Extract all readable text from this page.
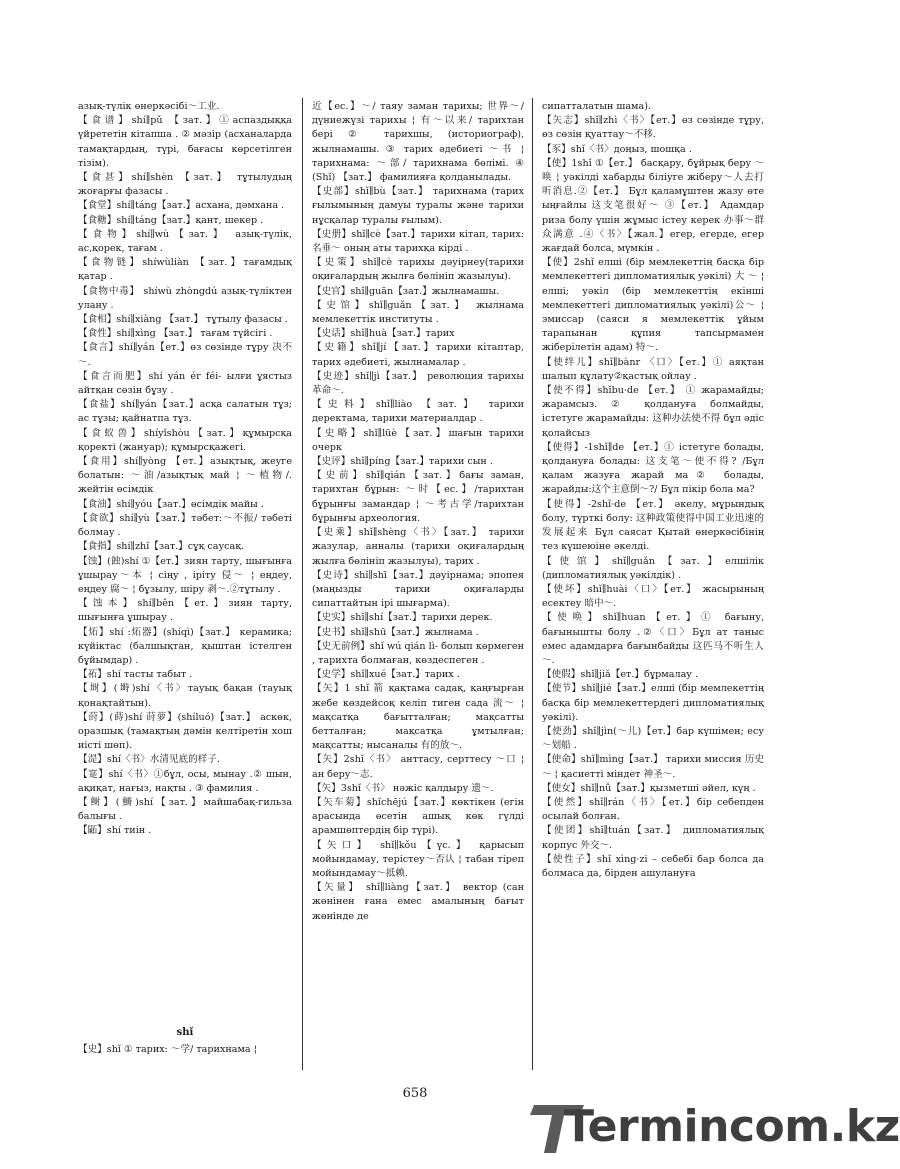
азық-түлік өнеркәсібі～工业.
【食谱】shí∥pǔ 【зат.】①аспаздыққа үйрететін кітапша . ② мәзір (асханаларда тамақтардың, түрі, бағасы көрсетілген тізім).
【食甚】shí∥shèn 【зат.】 тұтылудың жоғарғы фазасы .
【食堂】shí∥táng【зат.】асхана, дәмхана .
【食糖】shí∥táng【зат.】қант, шекер .
【食物】shí∥wù【зат.】 азық-түлік, ас,қорек, тағам .
【食物链】shíwùliàn 【зат.】тағамдық қатар .
【食物中毒】 shíwù zhòngdú азық-түліктен улану .
【食相】shí∥xiàng 【зат.】 тұтылу фазасы .
【食性】shí∥xìng 【зат.】 тағам түйсігі .
【食言】shí∥yán【ет.】өз сөзінде тұру 决不～.
【食言而肥】shí yán ér féi- ылғи ұястыз айтқан сөзін бұзу .
【食盐】shí∥yán【зат.】асқа салатын тұз; ас тұзы; қайнатпа тұз.
【食蚁兽】shíyǐshòu【зат.】құмырсқа қоректі (жануар); құмырсқажегі.
【食用】shí∥yòng 【ет.】азықтық, жеуге болатын: ～油/азықтық май ¦ ～植物/. жейтін өсімдік
【食油】shí∥yóu【зат.】өсімдік майы .
【食欲】shí∥yù【зат.】тәбет:～不振/ тәбеті болмау .
【食指】shí∥zhǐ【зат.】сұқ саусақ.
【蚀】(蝕)shí ①【ет.】зиян тарту, шығынға ұшырау～本 ¦ сіңу , іріту 侵～ ¦ еңдеу, еңдеу 腐～ ¦ бұзылу, шіру 剥～.②тұтылу .
【蚀本】shí∥běn【ет.】зиян тарту, шығынға ұшырау .
【炻】shí :炻器】(shíqì)【зат.】 керамика; күйіктас (балшықтан, қыштан істелген бұйымдар) .
【祏】shí тасты табыт .
【埘】(塒)shí〈书〉тауық бақан (тауық қонақтайтын).
【莳】(蒔)shí 莳萝】(shíluó)【зат.】 аскөк, оразшық (тамақтың дәмін келтіретін хош иісті шөп).
【湜】shí〈书〉水清见底的样子.
【寔】shí〈书〉①бұл, осы, мынау .② шын, ақиқат, нағыз, нақты . ③ фамилия .
【鲥】(鰣)shí【зат.】майшабақ-гильза балығы .
【鼫】shí тиін .
近【ес.】～/ таяу заман тарихы; 世界～/ дүниежүзі тарихы ¦ 有～以来/ тарихтан бері ② тарихшы, (историограф), жылнамашы. ③ тарих әдебиеті ～书 ¦ тарихнама: ～部/ тарихнама бөлімі. ④ (Shǐ) 【зат.】 фамилияға қолданылады.
【史部】shǐ∥bù【зат.】 тарихнама (тарих ғылымының дамуы туралы және тарихи нұсқалар туралы ғылым).
【史册】shǐ∥cè【зат.】тарихи кітап, тарих: 名垂～ оның аты тарихқа кірді .
【史策】shǐ∥cè тарихы дәуірнеу(тарихи оқиғалардың жылға бөлініп жазылуы).
【史官】shǐ∥guān【зат.】жылнамашы.
【史馆】shǐ∥guǎn【зат.】 жылнама мемлекеттік институты .
【史话】shǐ∥huà【зат.】тарих
【史籍】shǐ∥jí【зат.】тарихи кітаптар, тарих әдебиеті, жылнамалар .
【史迹】shǐ∥jì【зат.】 революция тарихы 革命～.
【史料】shǐ∥liào 【зат.】 тарихи деректама, тарихи материалдар .
【史略】shǐ∥lüè【зат.】шағын тарихи очерк
【史评】shǐ∥píng【зат.】тарихи сын .
【史前】shǐ∥qián【зат.】бағы заман, тарихтан бұрын: ～时【ес.】/тарихтан бұрынғы замандар ¦ ～考古学/тарихтан бұрынғы археология.
【史乘】shǐ∥shèng〈书〉【зат.】 тарихи жазулар, анналы (тарихи оқиғалардың жылға бөлініп жазылуы), тарих .
【史诗】shǐ∥shī【зат.】дәуірнама; эпопея (маңызды тарихи оқиғаларды сипаттайтын ірі шығарма).
【史实】shǐ∥shí【зат.】тарихи дерек.
【史书】shǐ∥shū【зат.】жылнама .
【史无前例】shǐ wú qián lì- болып көрмеген , тарихта болмаған, көздеспеген .
【史学】shǐ∥xué【зат.】тарих .
【矢】1 shǐ 箭 қақтама садақ, қаңғырған жебе көздейсоқ келіп тиген сада 流～ ¦ мақсатқа бағытталған; мақсатты бетталған; мақсатқа ұмтылған; мақсатты; нысаналы 有的放～.
【矢】2shǐ〈书〉 анттасу, серттесу ～口 ¦ ан беру～志.
【矢】3shǐ〈书〉 нәжіс қалдыру 遗～.
【矢车菊】shǐchējú【зат.】көктікен (егін арасында өсетін ашық көк гүлді арамшөптердің бір түрі).
【矢口】 shǐ∥kǒu【үс.】 қарысып мойындамау, терістеу～否认 ¦ табан тіреп мойындамау～抵赖.
【矢量】 shǐ∥liàng【зат.】 вектор (сан жөнінен ғана емес амалының бағыт жөнінде де
сипатталатын шама).
【矢志】shǐ∥zhì〈书〉【ет.】өз сөзінде тұру, өз сөзін қуаттау～不移.
【豕】shǐ〈书〉доңыз, шошқа .
【使】1shǐ ①【ет.】 басқару, бұйрық беру ～唤 ¦ уәкілді хабарды біліуге жіберу～人去打听消息.②【ет.】 Бұл қаламұштен жазу өте ыңғайлы 这支笔很好～ ③【ет.】 Адамдар риза болу үшін жұмыс істеу керек 办事～群众满意 .④〈书〉【жал.】егер, егерде, егер жағдай болса, мүмкін .
【使】2shǐ елші (бір мемлекеттің басқа бір мемлекеттегі дипломатиялық уәкілі) 大 ～ ¦ елші; уәкіл (бір мемлекеттің екінші мемлекеттегі дипломатиялық уәкілі)公～ ¦ эмиссар (саяси я мемлекеттік ұйым тарапынан құпия тапсырмамен жіберілетін адам) 特～.
【使绊儿】shǐ∥bànr 〈口〉【ет.】① аяқтан шалып құлату②қастық ойлау .
【使不得】shǐbu·de 【ет.】 ① жарамайды; жарамсыз. ② қолдануға болмайды, істетуге жарамайды: 这种办法使不得 бұл әдіс қолайсыз
【使得】-1shǐ∥de 【ет.】① істетуге болады, қолдануға болады: 这支笔～使不得? /Бұл қалам жазуға жарай ма② болады, жарайды:这个主意倒～?/ Бұл пікір бола ма?
【使得】-2shǐ·de 【ет.】 әкелу, мұрындық болу, түрткі болу: 这种政策使得中国工业迅速的发展起来 Бұл саясат Қытай өнеркәсібінің тез күшеюіне әкелді.
【使馆】shǐ∥guǎn【зат.】елшілік (дипломатиялық уәкілдік) .
【使坏】shǐ∥huài〈口〉【ет.】 жасырының есектеу 暗中～.
【使唤】shǐ∥huan【ет.】① бағыну, бағынышты болу .②〈口〉Бұл ат таныс емес адамдарға бағынбайды 这匹马不听生人～.
【使假】shǐ∥jiǎ【ет.】бұрмалау .
【使节】shǐ∥jié【зат.】елші (бір мемлекеттің басқа бір мемлекеттердегі дипломатиялық уәкілі).
【使劲】shǐ∥jìn(～儿)【ет.】бар күшімен; есу～划船 .
【使命】shǐ∥mìng【зат.】 тарихи миссия 历史～ ¦ қасиетті міндет 神圣～.
【使女】shǐ∥nǚ【зат.】қызметші әйел, күң .
【使然】shǐ∥rán〈书〉【ет.】бір себепден осылай болған.
【使团】shǐ∥tuán【зат.】 дипломатиялық корпус 外交～.
【使性子】shǐ xìng·zi – себебі бар болса да болмаса да, бірден ашулануға
shǐ
【史】shǐ ① тарих: ～学/ тарихнама ¦
658
Termincom.kz
